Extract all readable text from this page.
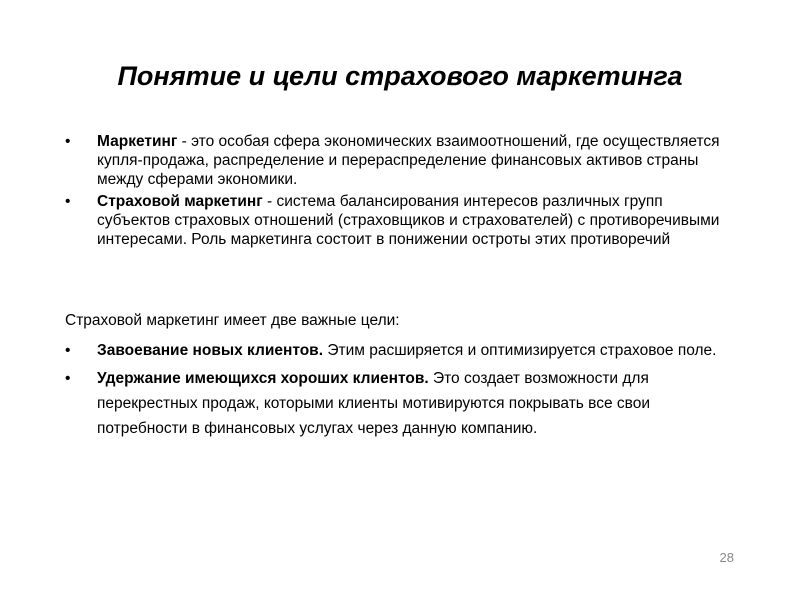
Понятие и цели страхового маркетинга
• Маркетинг - это особая сфера экономических взаимоотношений, где осуществляется купля-продажа, распределение и перераспределение финансовых активов страны между сферами экономики.
• Страховой маркетинг - система балансирования интересов различных групп субъектов страховых отношений (страховщиков и страхователей) с противоречивыми интересами. Роль маркетинга состоит в понижении остроты этих противоречий

Страховой маркетинг имеет две важные цели:

• Завоевание новых клиентов. Этим расширяется и оптимизируется страховое поле.
• Удержание имеющихся хороших клиентов. Это создает возможности для перекрестных продаж, которыми клиенты мотивируются покрывать все свои потребности в финансовых услугах через данную компанию.
28
